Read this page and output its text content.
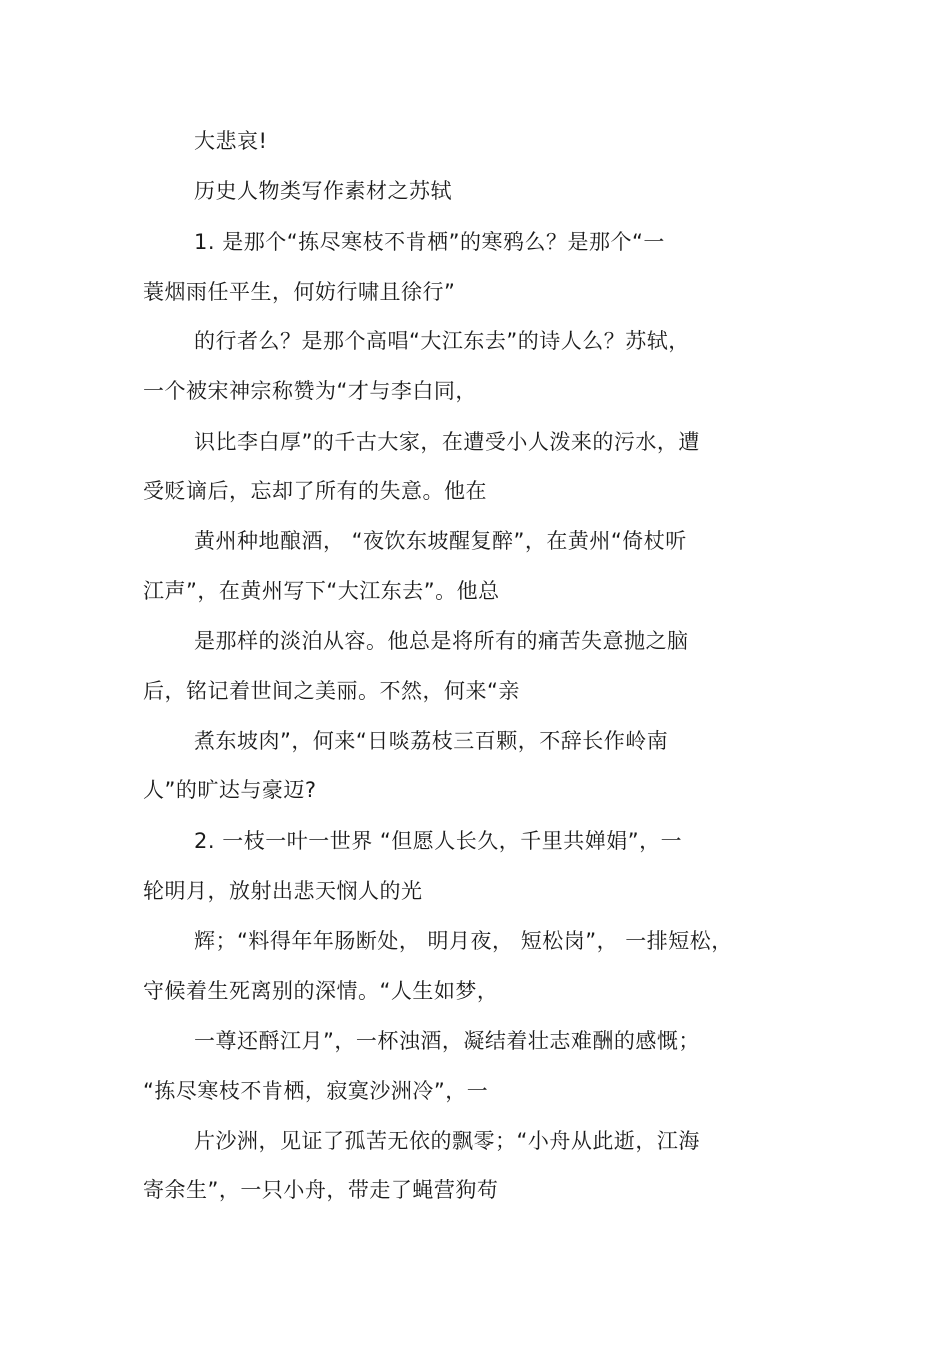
大悲哀!
历史人物类写作素材之苏轼
1. 是那个“拣尽寒枝不肯栖”的寒鸦么？是那个“一
蓑烟雨任平生，何妨行啸且徐行”
的行者么？是那个高唱“大江东去”的诗人么？苏轼，
一个被宋神宗称赞为“才与李白同，
识比李白厚”的千古大家，在遭受小人泼来的污水，遭
受贬谪后，忘却了所有的失意。他在
黄州种地酿酒， “夜饮东坡醒复醉”，在黄州“倚杖听
江声”，在黄州写下“大江东去”。他总
是那样的淡泊从容。他总是将所有的痛苦失意抛之脑
后，铭记着世间之美丽。不然，何来“亲
煮东坡肉”，何来“日啖荔枝三百颗，不辞长作岭南
人”的旷达与豪迈?
2. 一枝一叶一世界 “但愿人长久，千里共婵娟”，一
轮明月，放射出悲天悯人的光
辉；“料得年年肠断处， 明月夜， 短松岗”， 一排短松，
守候着生死离别的深情。“人生如梦，
一尊还酹江月”，一杯浊酒，凝结着壮志难酬的感慨；
“拣尽寒枝不肯栖，寂寞沙洲冷”，一
片沙洲，见证了孤苦无依的飘零；“小舟从此逝，江海
寄余生”，一只小舟，带走了蝇营狗苟
